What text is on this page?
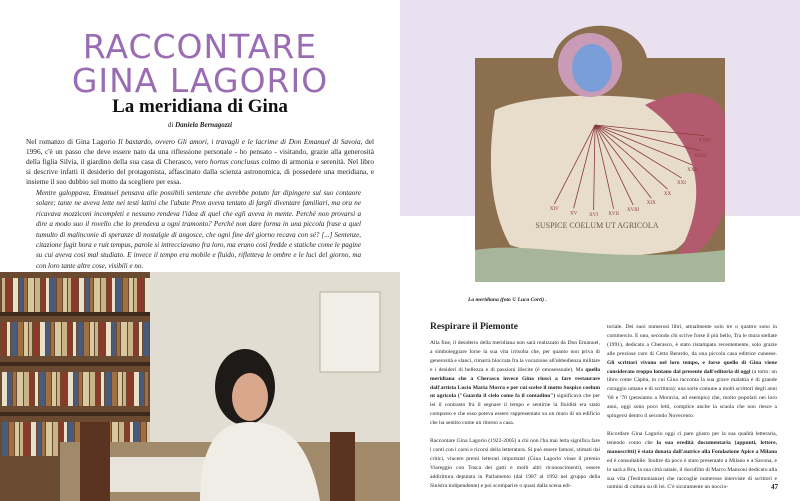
RACCONTARE
GINA LAGORIO
La meridiana di Gina
di Daniela Bernagozzi
Nel romanzo di Gina Lagorio Il bastardo, ovvero Gli amori, i travagli e le lacrime di Don Emanuel di Savoia, del 1996, c'è un passo che deve essere nato da una riflessione personale - ho pensato - visitando, grazie alla generosità della figlia Silvia, il giardino della sua casa di Cherasco, vero hortus conclusus colmo di armonia e serenità. Nel libro si descrive infatti il desiderio del protagonista, affascinato dalla scienza astronomica, di possedere una meridiana, e insieme il suo dubbio sul motto da scegliere per essa.
Mentre galoppava, Emanuel pensava alle possibili sentenze che avrebbe potuto far dipingere sul suo contaore solare; tante ne aveva lette nei testi latini che l'abate Pron aveva tentato di fargli diventare familiari, ma ora ne ricavava mozziconi incompleti e nessuno rendeva l'idea di quel che egli aveva in mente. Perché non provarsi a dire a modo suo il rovello che lo prendeva a ogni tramonto? Perché non dare forma in una piccola frase a quel tumulto di malinconie di speranze di nostalgie di angosce, che ogni fine del giorno recava con sé? [...] Sentenze, citazione fugit hora e ruit tempus, parole si intrecciavano fra loro, ma erano così fredde e statiche come le pagine su cui aveva così mal studiato. E invece il tempo era mobile e fluido, rifletteva le ombre e le luci del giorno, ma con loro tante altre cose, visibili e no.
SUSPICE COELUM UT AGRICOLA
XIV
XV XVI XVII
XVIII
XIX
XX
XXI
XXII
XXIII
XXIV
La meridiana (foto © Luca Corti) .
Respirare il Piemonte

Alla fine, il desiderio della meridiana non sarà realizzato da Don Emanuel, a simboleggiare forse la sua vita irrisolta che, per quanto non priva di generosità e slanci, rimarrà bloccata fra la vocazione all'obbedienza militare e i desideri di bellezza e di passioni illecite (è omosessuale). Ma quella meridiana che a Cherasco invece Gina riuscì a fare restaurare dall'artista Lucio Maria Morra e per cui scelse il motto Suspice coelum ut agricola ("Guarda il cielo come fa il contadino") significava che per lei il contrasto fra il segnare il tempo e sentirne la fluidità era stato composto e che esso poteva essere rappresentato su un muro di un edificio che ha sentito come un ritorno a casa.

Raccontare Gina Lagorio (1922-2005) a chi non l'ha mai letta significa fare i conti con i corsi e ricorsi della letteratura. Si può essere famosi, stimati dai critici, vincere premi letterari importanti (Gina Lagorio vinse il premio Viareggio con Tosca dei gatti e molti altri riconoscimenti), essere addirittura deputata in Parlamento (dal 1987 al 1992 nel gruppo della Sinistra indipendente) e poi scomparire o quasi dalla scena edi-

toriale. Dei suoi numerosi libri, attualmente solo tre o quattro sono in commercio. E uno, secondo chi scrive forse il più bello, Tra le mura stellate (1991), dedicato a Cherasco, è stato ristampato recentemente, solo grazie alle preziose cure di Cetta Berardo, da una piccola casa editrice cuneese. Gli scrittori vivono nel loro tempo, e forse quello di Gina viene considerato troppo lontano dal presente dall'editoria di oggi (a torto: un libro come Càpita, in cui Gina racconta la sua grave malattia è di grande coraggio umano e di scrittura): una sorte comune a molti scrittori degli anni '60 e '70 (pensiamo a Moravia, ad esempio) che, molto popolari nei loro anni, oggi sono poco letti, complice anche la scuola che non riesce a spingersi dentro il secondo Novecento.

Ricordare Gina Lagorio oggi ci pare giusto per la sua qualità letteraria, tenendo conto che la sua eredità documentaria (appunti, lettere, manoscritti) è stata donata dall'autrice alla Fondazione Apice a Milano ed è consultabile. Inoltre da poco è stato presentato a Milano e a Savona, e lo sarà a Bra, la sua città natale, il docufilm di Marco Manzoni dedicato alla sua vita (Testimonianze) che raccoglie numerose interviste di scrittori e uomini di cultura su di lei. C'è sicuramente un noccio-	47
